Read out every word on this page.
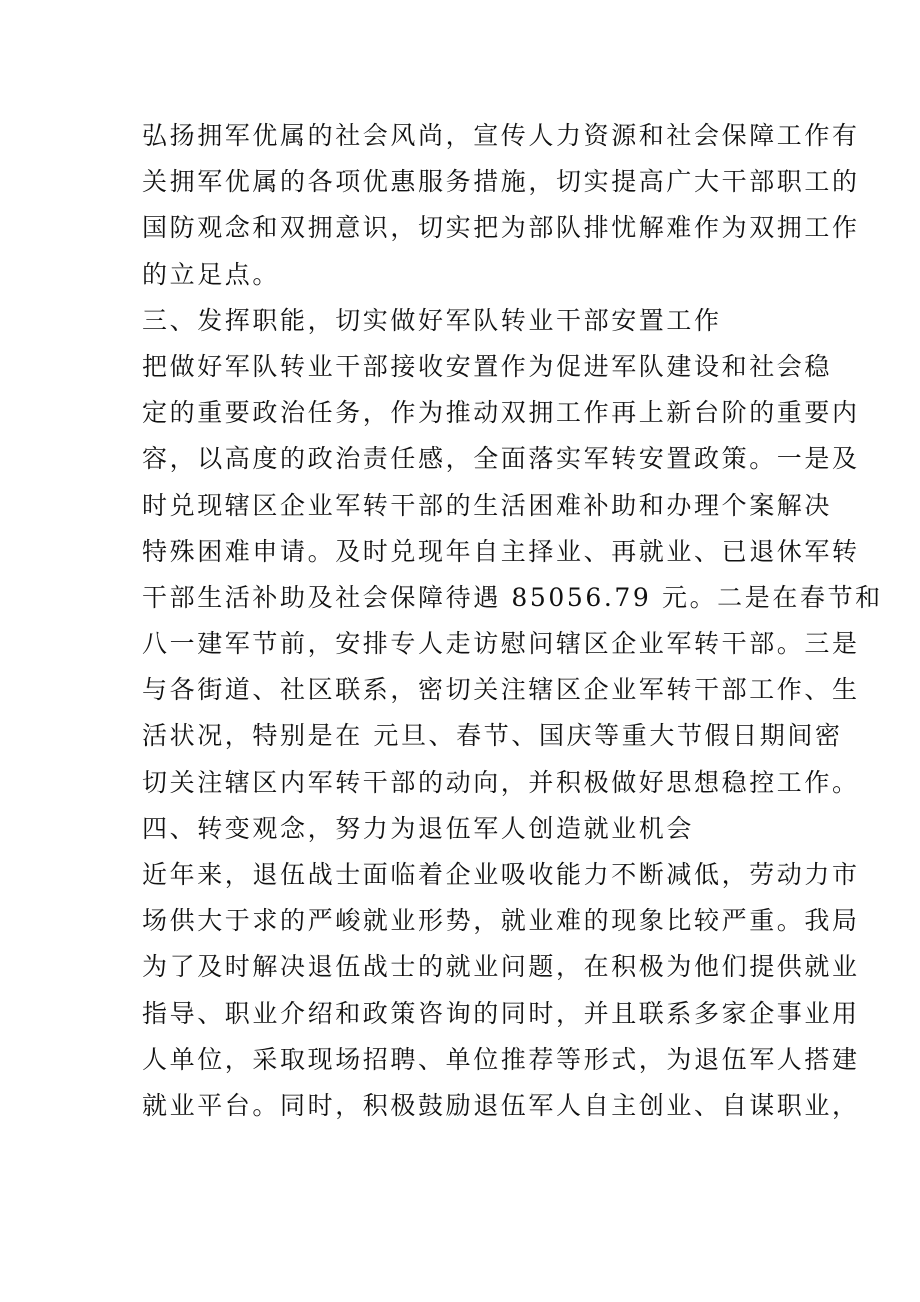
弘扬拥军优属的社会风尚，宣传人力资源和社会保障工作有
关拥军优属的各项优惠服务措施，切实提高广大干部职工的
国防观念和双拥意识，切实把为部队排忧解难作为双拥工作
的立足点。
三、发挥职能，切实做好军队转业干部安置工作
把做好军队转业干部接收安置作为促进军队建设和社会稳
定的重要政治任务，作为推动双拥工作再上新台阶的重要内
容，以高度的政治责任感，全面落实军转安置政策。一是及
时兑现辖区企业军转干部的生活困难补助和办理个案解决
特殊困难申请。及时兑现年自主择业、再就业、已退休军转
干部生活补助及社会保障待遇 85056.79 元。二是在春节和
八一建军节前，安排专人走访慰问辖区企业军转干部。三是
与各街道、社区联系，密切关注辖区企业军转干部工作、生
活状况，特别是在 元旦、春节、国庆等重大节假日期间密
切关注辖区内军转干部的动向，并积极做好思想稳控工作。
四、转变观念，努力为退伍军人创造就业机会
近年来，退伍战士面临着企业吸收能力不断减低，劳动力市
场供大于求的严峻就业形势，就业难的现象比较严重。我局
为了及时解决退伍战士的就业问题，在积极为他们提供就业
指导、职业介绍和政策咨询的同时，并且联系多家企事业用
人单位，采取现场招聘、单位推荐等形式，为退伍军人搭建
就业平台。同时，积极鼓励退伍军人自主创业、自谋职业，
